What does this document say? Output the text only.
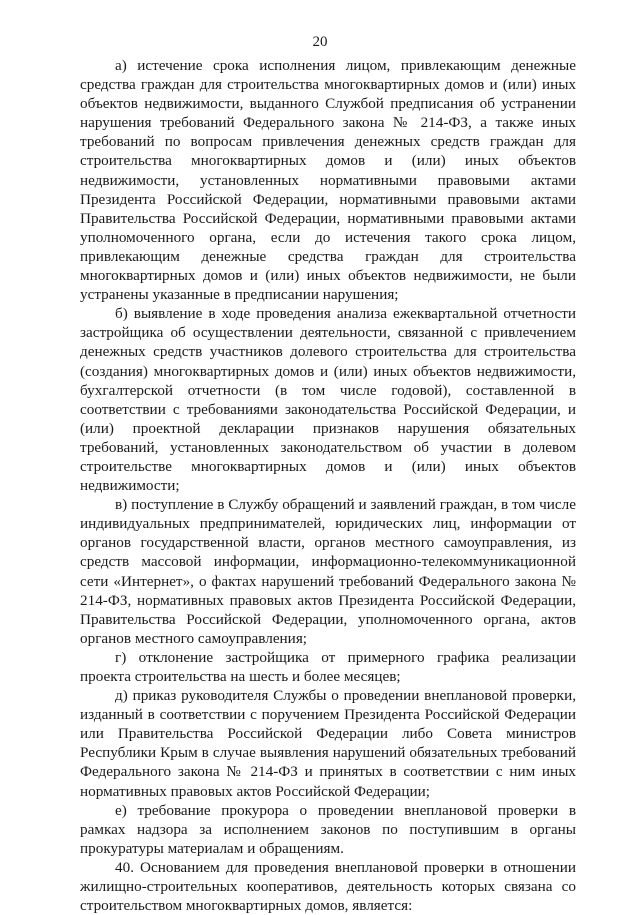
20

а) истечение срока исполнения лицом, привлекающим денежные средства граждан для строительства многоквартирных домов и (или) иных объектов недвижимости, выданного Службой предписания об устранении нарушения требований Федерального закона № 214-ФЗ, а также иных требований по вопросам привлечения денежных средств граждан для строительства многоквартирных домов и (или) иных объектов недвижимости, установленных нормативными правовыми актами Президента Российской Федерации, нормативными правовыми актами Правительства Российской Федерации, нормативными правовыми актами уполномоченного органа, если до истечения такого срока лицом, привлекающим денежные средства граждан для строительства многоквартирных домов и (или) иных объектов недвижимости, не были устранены указанные в предписании нарушения;

б) выявление в ходе проведения анализа ежеквартальной отчетности застройщика об осуществлении деятельности, связанной с привлечением денежных средств участников долевого строительства для строительства (создания) многоквартирных домов и (или) иных объектов недвижимости, бухгалтерской отчетности (в том числе годовой), составленной в соответствии с требованиями законодательства Российской Федерации, и (или) проектной декларации признаков нарушения обязательных требований, установленных законодательством об участии в долевом строительстве многоквартирных домов и (или) иных объектов недвижимости;

в) поступление в Службу обращений и заявлений граждан, в том числе индивидуальных предпринимателей, юридических лиц, информации от органов государственной власти, органов местного самоуправления, из средств массовой информации, информационно-телекоммуникационной сети «Интернет», о фактах нарушений требований Федерального закона № 214-ФЗ, нормативных правовых актов Президента Российской Федерации, Правительства Российской Федерации, уполномоченного органа, актов органов местного самоуправления;

г) отклонение застройщика от примерного графика реализации проекта строительства на шесть и более месяцев;

д) приказ руководителя Службы о проведении внеплановой проверки, изданный в соответствии с поручением Президента Российской Федерации или Правительства Российской Федерации либо Совета министров Республики Крым в случае выявления нарушений обязательных требований Федерального закона № 214-ФЗ и принятых в соответствии с ним иных нормативных правовых актов Российской Федерации;

е) требование прокурора о проведении внеплановой проверки в рамках надзора за исполнением законов по поступившим в органы прокуратуры материалам и обращениям.

40. Основанием для проведения внеплановой проверки в отношении жилищно-строительных кооперативов, деятельность которых связана со строительством многоквартирных домов, является:
